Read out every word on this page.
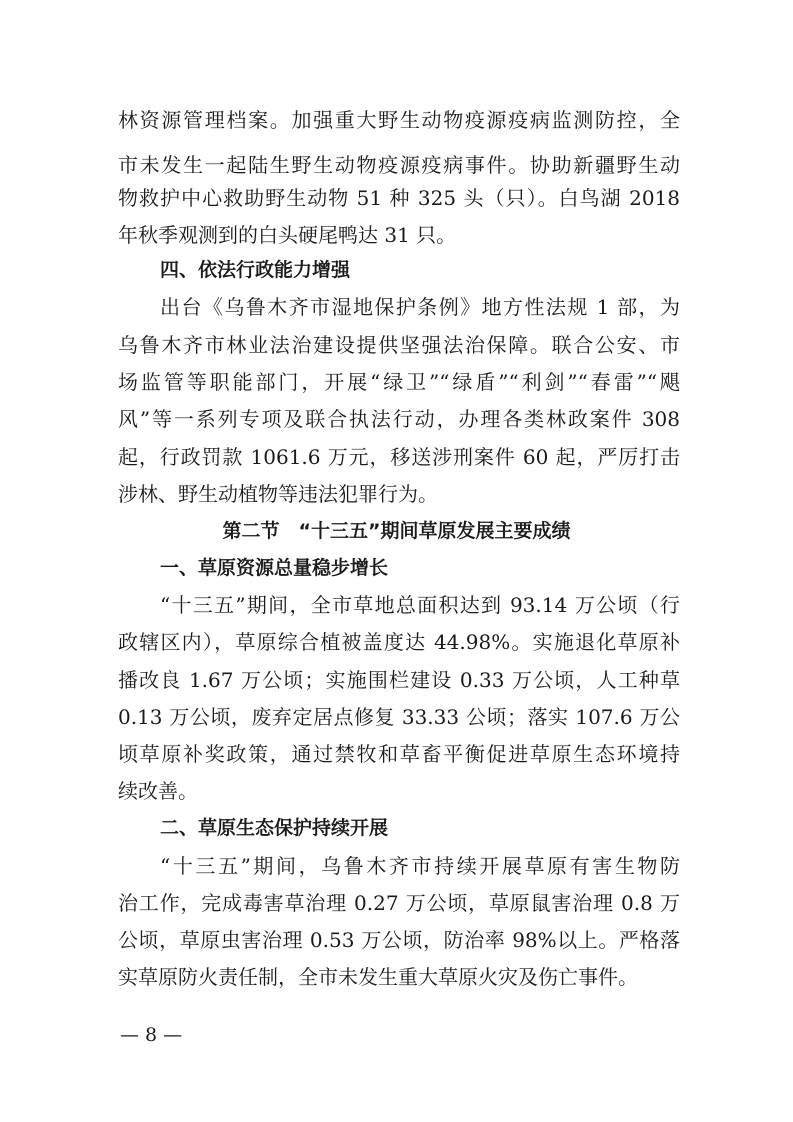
林资源管理档案。加强重大野生动物疫源疫病监测防控，全
市未发生一起陆生野生动物疫源疫病事件。协助新疆野生动
物救护中心救助野生动物 51 种 325 头（只）。白鸟湖 2018
年秋季观测到的白头硬尾鸭达 31 只。
四、依法行政能力增强
出台《乌鲁木齐市湿地保护条例》地方性法规 1 部，为
乌鲁木齐市林业法治建设提供坚强法治保障。联合公安、市
场监管等职能部门，开展“绿卫”“绿盾”“利剑”“春雷”“飓
风”等一系列专项及联合执法行动，办理各类林政案件 308
起，行政罚款 1061.6 万元，移送涉刑案件 60 起，严厉打击
涉林、野生动植物等违法犯罪行为。
第二节　“十三五”期间草原发展主要成绩
一、草原资源总量稳步增长
“十三五”期间，全市草地总面积达到 93.14 万公顷（行
政辖区内），草原综合植被盖度达 44.98%。实施退化草原补
播改良 1.67 万公顷；实施围栏建设 0.33 万公顷，人工种草
0.13 万公顷，废弃定居点修复 33.33 公顷；落实 107.6 万公
顷草原补奖政策，通过禁牧和草畜平衡促进草原生态环境持
续改善。
二、草原生态保护持续开展
“十三五”期间，乌鲁木齐市持续开展草原有害生物防
治工作，完成毒害草治理 0.27 万公顷，草原鼠害治理 0.8 万
公顷，草原虫害治理 0.53 万公顷，防治率 98%以上。严格落
实草原防火责任制，全市未发生重大草原火灾及伤亡事件。
— 8 —
